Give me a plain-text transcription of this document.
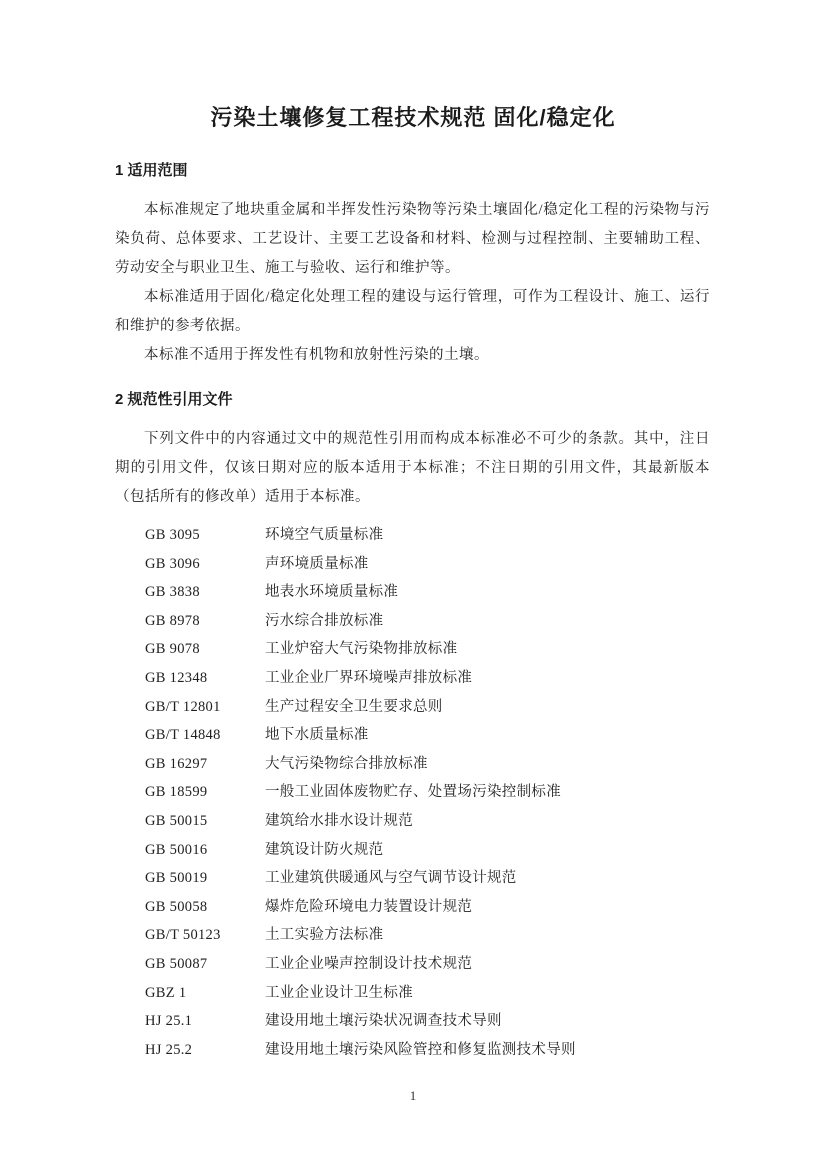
污染土壤修复工程技术规范 固化/稳定化
1 适用范围

本标准规定了地块重金属和半挥发性污染物等污染土壤固化/稳定化工程的污染物与污染负荷、总体要求、工艺设计、主要工艺设备和材料、检测与过程控制、主要辅助工程、劳动安全与职业卫生、施工与验收、运行和维护等。

本标准适用于固化/稳定化处理工程的建设与运行管理，可作为工程设计、施工、运行和维护的参考依据。

本标准不适用于挥发性有机物和放射性污染的土壤。

2 规范性引用文件

下列文件中的内容通过文中的规范性引用而构成本标准必不可少的条款。其中，注日期的引用文件，仅该日期对应的版本适用于本标准；不注日期的引用文件，其最新版本（包括所有的修改单）适用于本标准。

GB 3095	环境空气质量标准
GB 3096	声环境质量标准
GB 3838	地表水环境质量标准
GB 8978	污水综合排放标准
GB 9078	工业炉窑大气污染物排放标准
GB 12348	工业企业厂界环境噪声排放标准
GB/T 12801	生产过程安全卫生要求总则
GB/T 14848	地下水质量标准
GB 16297	大气污染物综合排放标准
GB 18599	一般工业固体废物贮存、处置场污染控制标准
GB 50015	建筑给水排水设计规范
GB 50016	建筑设计防火规范
GB 50019	工业建筑供暖通风与空气调节设计规范
GB 50058	爆炸危险环境电力装置设计规范
GB/T 50123	土工实验方法标准
GB 50087	工业企业噪声控制设计技术规范
GBZ 1	工业企业设计卫生标准
HJ 25.1	建设用地土壤污染状况调查技术导则
HJ 25.2	建设用地土壤污染风险管控和修复监测技术导则
1
